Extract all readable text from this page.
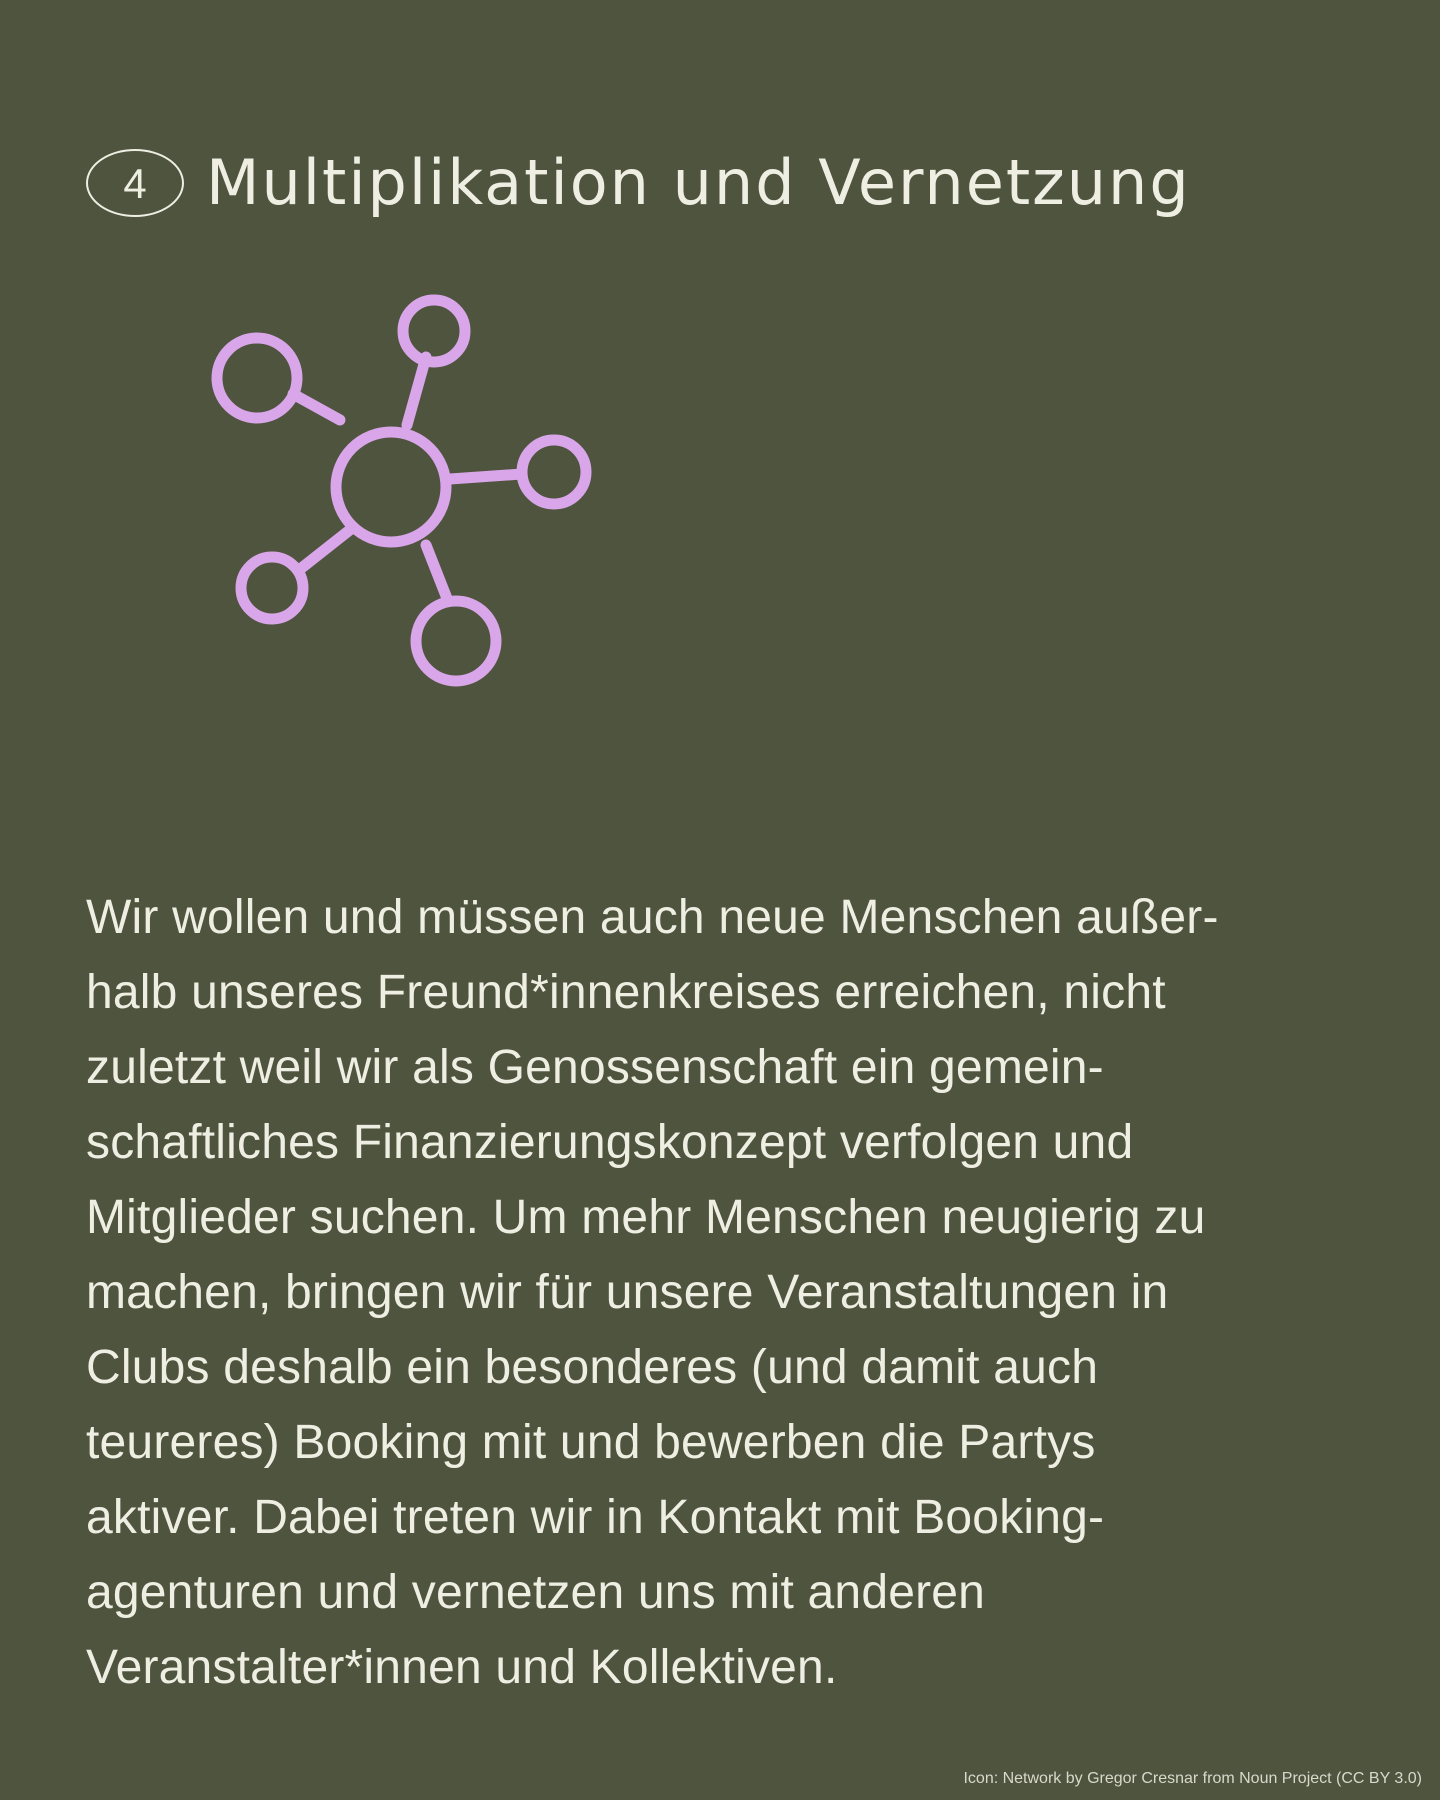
4 Multiplikation und Vernetzung

Wir wollen und müssen auch neue Menschen außer-
halb unseres Freund*innenkreises erreichen, nicht
zuletzt weil wir als Genossenschaft ein gemein-
schaftliches Finanzierungskonzept verfolgen und
Mitglieder suchen. Um mehr Menschen neugierig zu
machen, bringen wir für unsere Veranstaltungen in
Clubs deshalb ein besonderes (und damit auch
teureres) Booking mit und bewerben die Partys
aktiver. Dabei treten wir in Kontakt mit Booking-
agenturen und vernetzen uns mit anderen
Veranstalter*innen und Kollektiven.

Icon: Network by Gregor Cresnar from Noun Project (CC BY 3.0)
